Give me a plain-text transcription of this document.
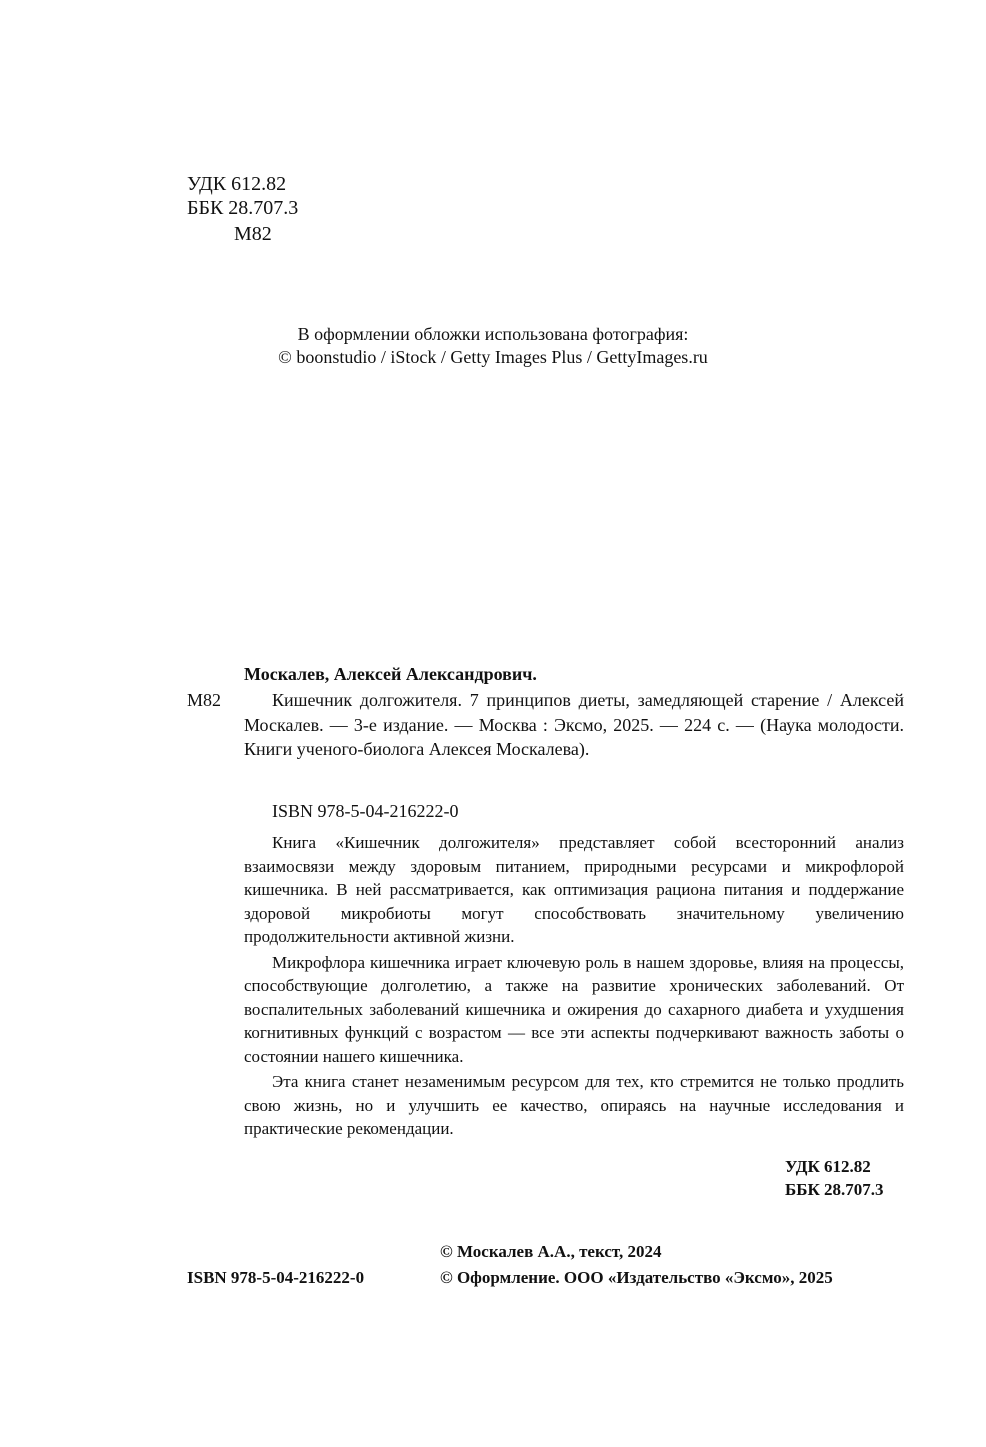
УДК 612.82
ББК 28.707.3
М82
В оформлении обложки использована фотография:
© boonstudio / iStock / Getty Images Plus / GettyImages.ru
Москалев, Алексей Александрович.
М82	Кишечник долгожителя. 7 принципов диеты, замедляющей старение / Алексей Москалев. — 3-е издание. — Москва : Эксмо, 2025. — 224 с. — (Наука молодости. Книги ученого-биолога Алексея Москалева).
ISBN 978-5-04-216222-0

Книга «Кишечник долгожителя» представляет собой всесторонний анализ взаимосвязи между здоровым питанием, природными ресурсами и микрофлорой кишечника. В ней рассматривается, как оптимизация рациона питания и поддержание здоровой микробиоты могут способствовать значительному увеличению продолжительности активной жизни.

Микрофлора кишечника играет ключевую роль в нашем здоровье, влияя на процессы, способствующие долголетию, а также на развитие хронических заболеваний. От воспалительных заболеваний кишечника и ожирения до сахарного диабета и ухудшения когнитивных функций с возрастом — все эти аспекты подчеркивают важность заботы о состоянии нашего кишечника.

Эта книга станет незаменимым ресурсом для тех, кто стремится не только продлить свою жизнь, но и улучшить ее качество, опираясь на научные исследования и практические рекомендации.

УДК 612.82
ББК 28.707.3
© Москалев А.А., текст, 2024
© Оформление. ООО «Издательство «Эксмо», 2025
ISBN 978-5-04-216222-0
